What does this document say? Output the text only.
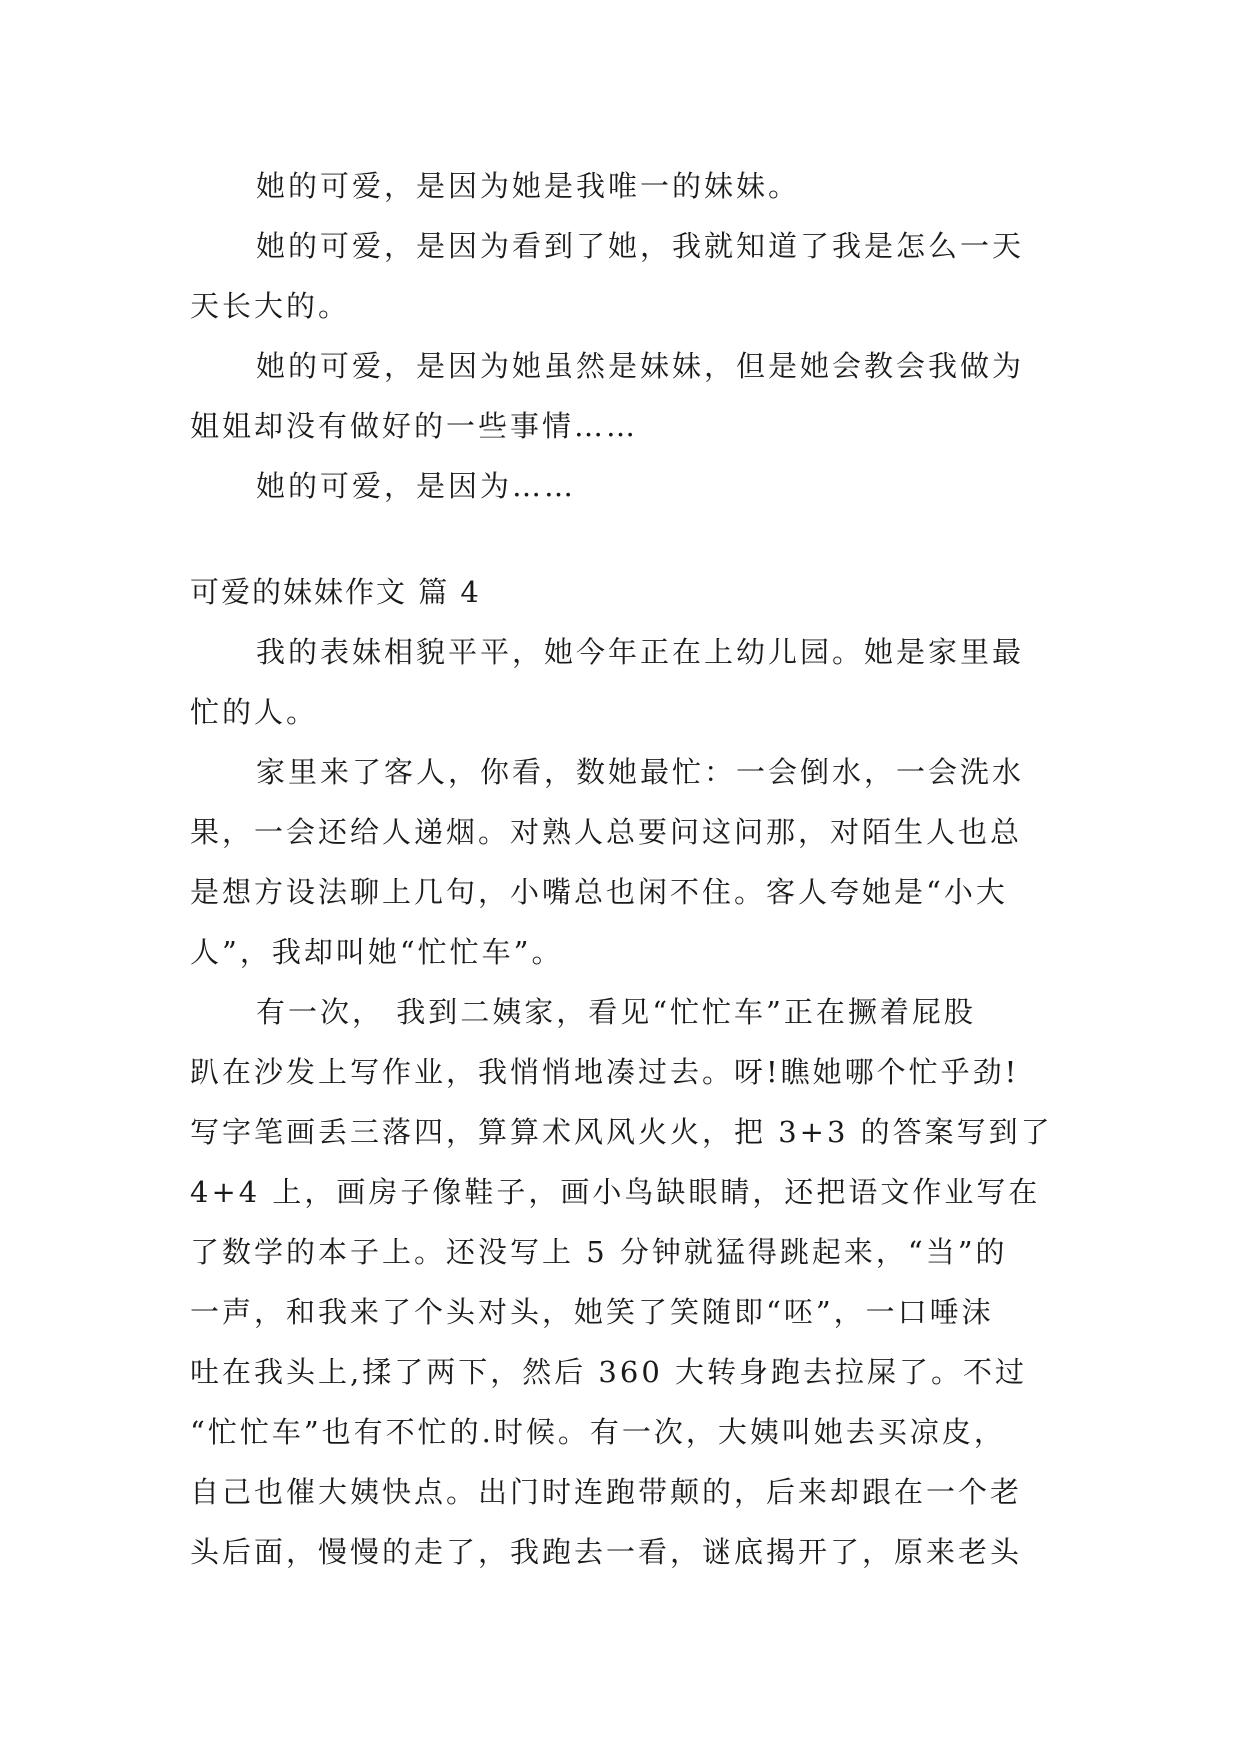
她的可爱，是因为她是我唯一的妹妹。
她的可爱，是因为看到了她，我就知道了我是怎么一天
天长大的。
她的可爱，是因为她虽然是妹妹，但是她会教会我做为
姐姐却没有做好的一些事情……
她的可爱，是因为……
可爱的妹妹作文 篇 4
我的表妹相貌平平，她今年正在上幼儿园。她是家里最
忙的人。
家里来了客人，你看，数她最忙：一会倒水，一会洗水
果，一会还给人递烟。对熟人总要问这问那，对陌生人也总
是想方设法聊上几句，小嘴总也闲不住。客人夸她是“小大
人”，我却叫她“忙忙车”。
有一次， 我到二姨家，看见“忙忙车”正在撅着屁股
趴在沙发上写作业，我悄悄地凑过去。呀!瞧她哪个忙乎劲!
写字笔画丢三落四，算算术风风火火，把 3+3 的答案写到了
4+4 上，画房子像鞋子，画小鸟缺眼睛，还把语文作业写在
了数学的本子上。还没写上 5 分钟就猛得跳起来，“当”的
一声，和我来了个头对头，她笑了笑随即“呸”，一口唾沫
吐在我头上,揉了两下，然后 360 大转身跑去拉屎了。不过
“忙忙车”也有不忙的.时候。有一次，大姨叫她去买凉皮，
自己也催大姨快点。出门时连跑带颠的，后来却跟在一个老
头后面，慢慢的走了，我跑去一看，谜底揭开了，原来老头
